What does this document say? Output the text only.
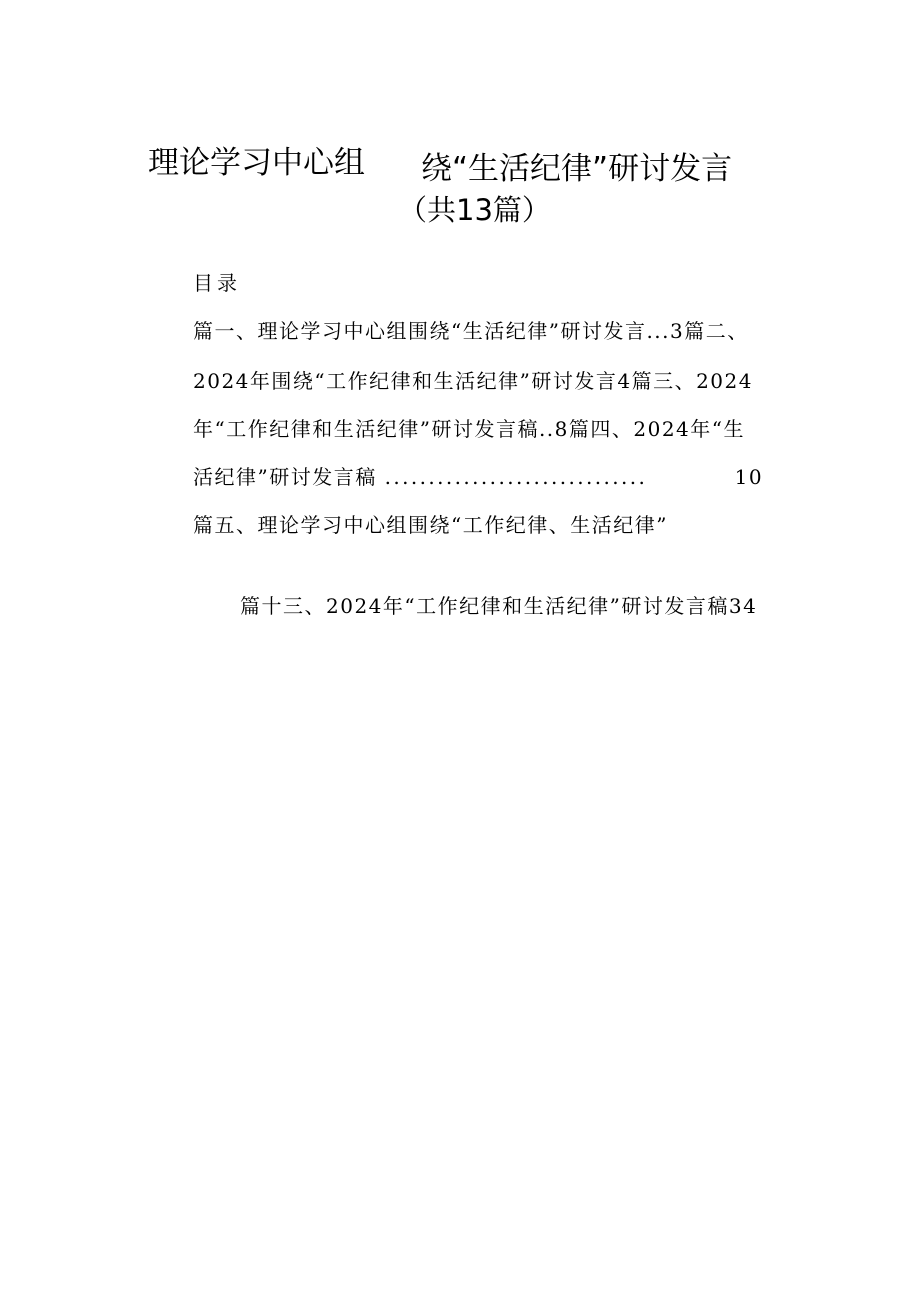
理论学习中心组 绕“生活纪律”研讨发言
（共13篇）
目录
篇一、理论学习中心组围绕“生活纪律”研讨发言...3篇二、
2024年围绕“工作纪律和生活纪律”研讨发言4篇三、2024
年“工作纪律和生活纪律”研讨发言稿..8篇四、2024年“生
活纪律”研讨发言稿 ..............................	10
篇五、理论学习中心组围绕“工作纪律、生活纪律”
篇十三、2024年“工作纪律和生活纪律”研讨发言稿34
